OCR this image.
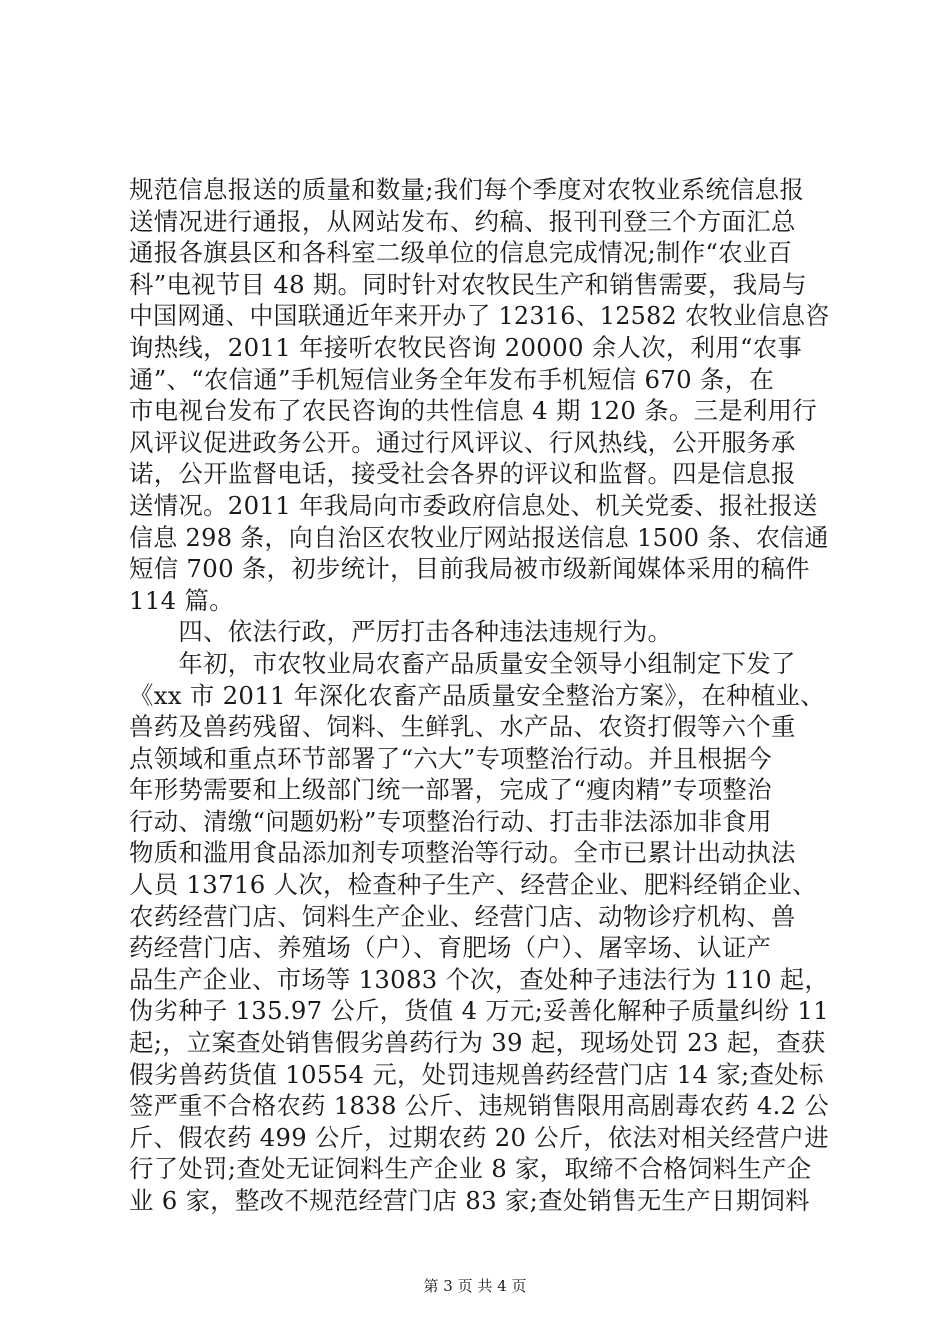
规范信息报送的质量和数量;我们每个季度对农牧业系统信息报
送情况进行通报，从网站发布、约稿、报刊刊登三个方面汇总
通报各旗县区和各科室二级单位的信息完成情况;制作“农业百
科”电视节目 48 期。同时针对农牧民生产和销售需要，我局与
中国网通、中国联通近年来开办了 12316、12582 农牧业信息咨
询热线，2011 年接听农牧民咨询 20000 余人次，利用“农事
通”、“农信通”手机短信业务全年发布手机短信 670 条，在
市电视台发布了农民咨询的共性信息 4 期 120 条。三是利用行
风评议促进政务公开。通过行风评议、行风热线，公开服务承
诺，公开监督电话，接受社会各界的评议和监督。四是信息报
送情况。2011 年我局向市委政府信息处、机关党委、报社报送
信息 298 条，向自治区农牧业厅网站报送信息 1500 条、农信通
短信 700 条，初步统计，目前我局被市级新闻媒体采用的稿件
114 篇。
　　四、依法行政，严厉打击各种违法违规行为。
　　年初，市农牧业局农畜产品质量安全领导小组制定下发了
《xx 市 2011 年深化农畜产品质量安全整治方案》，在种植业、
兽药及兽药残留、饲料、生鲜乳、水产品、农资打假等六个重
点领域和重点环节部署了“六大”专项整治行动。并且根据今
年形势需要和上级部门统一部署，完成了“瘦肉精”专项整治
行动、清缴“问题奶粉”专项整治行动、打击非法添加非食用
物质和滥用食品添加剂专项整治等行动。全市已累计出动执法
人员 13716 人次，检查种子生产、经营企业、肥料经销企业、
农药经营门店、饲料生产企业、经营门店、动物诊疗机构、兽
药经营门店、养殖场（户）、育肥场（户）、屠宰场、认证产
品生产企业、市场等 13083 个次，查处种子违法行为 110 起，
伪劣种子 135.97 公斤，货值 4 万元;妥善化解种子质量纠纷 11
起;，立案查处销售假劣兽药行为 39 起，现场处罚 23 起，查获
假劣兽药货值 10554 元，处罚违规兽药经营门店 14 家;查处标
签严重不合格农药 1838 公斤、违规销售限用高剧毒农药 4.2 公
斤、假农药 499 公斤，过期农药 20 公斤，依法对相关经营户进
行了处罚;查处无证饲料生产企业 8 家，取缔不合格饲料生产企
业 6 家，整改不规范经营门店 83 家;查处销售无生产日期饲料
第 3 页 共 4 页
